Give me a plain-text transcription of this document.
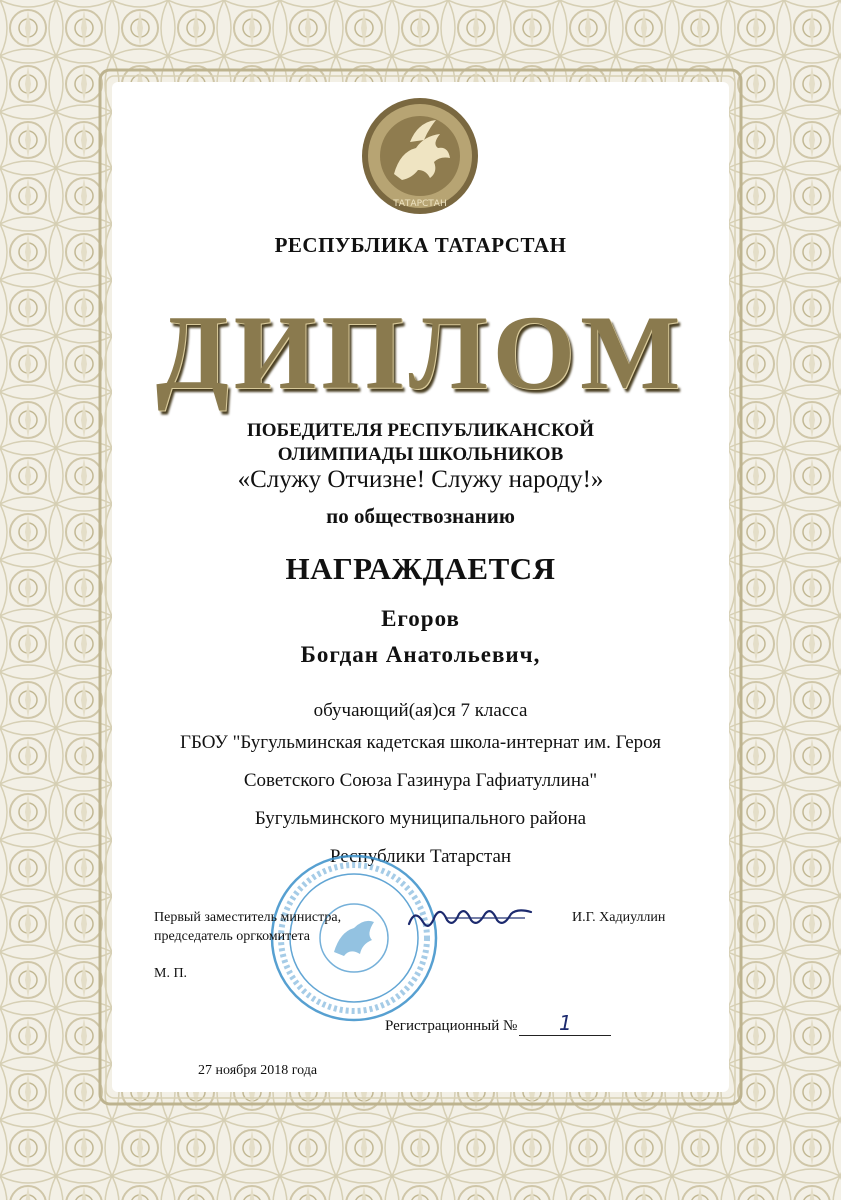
ТАТАРСТАН
РЕСПУБЛИКА ТАТАРСТАН
ДИПЛОМ
ПОБЕДИТЕЛЯ РЕСПУБЛИКАНСКОЙ
ОЛИМПИАДЫ ШКОЛЬНИКОВ
«Служу Отчизне! Служу народу!»
по обществознанию
НАГРАЖДАЕТСЯ
Егоров
Богдан Анатольевич,
обучающий(ая)ся 7 класса
ГБОУ "Бугульминская кадетская школа-интернат им. Героя
Советского Союза Газинура Гафиатуллина"
Бугульминского муниципального района
Республики Татарстан
Первый заместитель министра,
председатель оргкомитета
И.Г. Хадиуллин
М. П.
Регистрационный № 1
27 ноября 2018 года
